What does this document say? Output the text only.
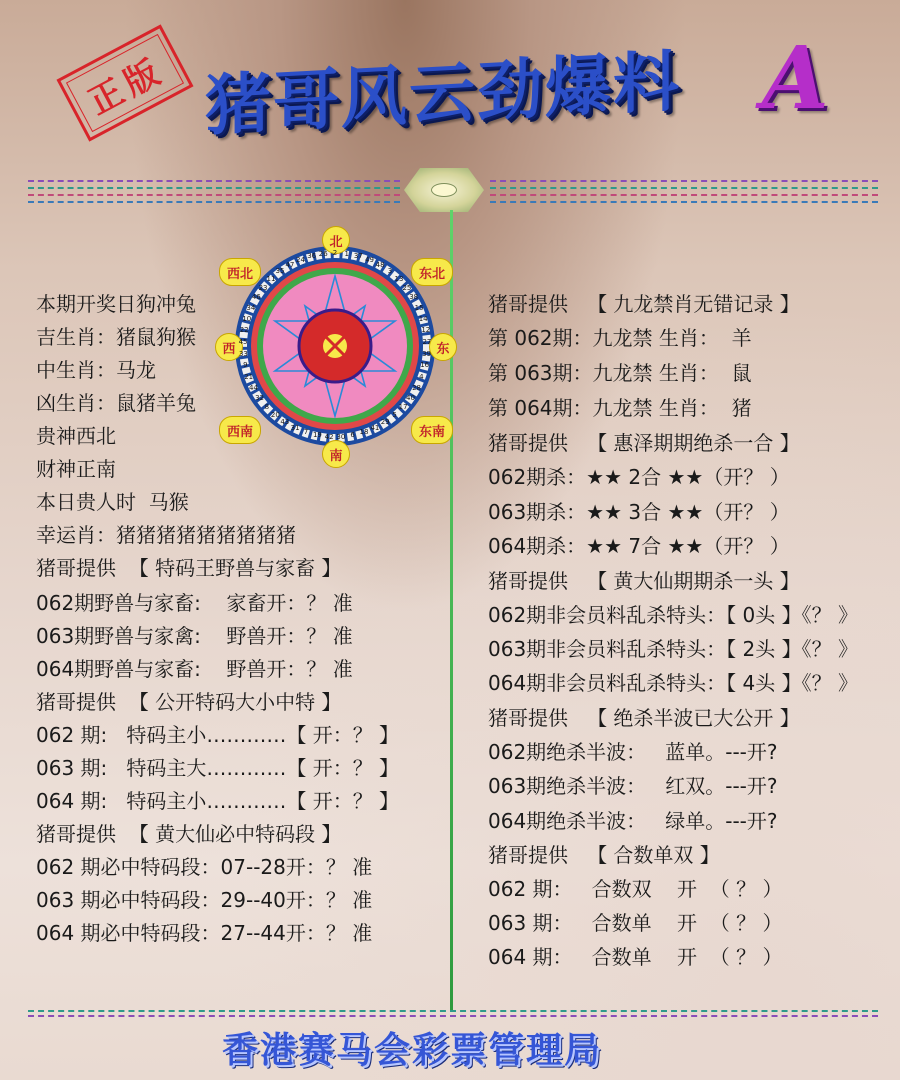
正版 猪哥风云劲爆料 A
北
西北	东北
西	东
西南	东南
南
2	1 37 49
48
3
13
25
38
15
14
12
27
39
16
4
28
40
17
5
29
41
18
6
30
42
19
7
31
43
20
8
32
44
21
9
33
45
22
10
34
46
23
11
35
47
24 36 26
本期开奖日狗冲兔
吉生肖：猪鼠狗猴
中生肖：马龙
凶生肖：鼠猪羊兔
贵神西北
财神正南
本日贵人时  马猴
幸运肖：猪猪猪猪猪猪猪猪猪
猪哥提供  【 特码王野兽与家畜 】
062期野兽与家畜:    家畜开：？ 准
063期野兽与家禽:    野兽开：？ 准
064期野兽与家畜:    野兽开：？ 准
猪哥提供  【 公开特码大小中特 】
062 期:   特码主小…………【 开：？ 】
063 期:   特码主大…………【 开：？ 】
064 期:   特码主小…………【 开：？ 】
猪哥提供  【 黄大仙必中特码段 】
062 期必中特码段：07--28开：？ 准
063 期必中特码段：29--40开：？ 准
064 期必中特码段：27--44开：？ 准
猪哥提供   【 九龙禁肖无错记录 】
第 062期：九龙禁 生肖：  羊
第 063期：九龙禁 生肖：  鼠
第 064期：九龙禁 生肖：  猪
猪哥提供   【 惠泽期期绝杀一合 】
062期杀：★★ 2合 ★★（开？ ）
063期杀：★★ 3合 ★★（开？ ）
064期杀：★★ 7合 ★★（开？ ）
猪哥提供   【 黄大仙期期杀一头 】
062期非会员料乱杀特头：【 0头 】《？ 》
063期非会员料乱杀特头：【 2头 】《？ 》
064期非会员料乱杀特头：【 4头 】《？ 》
猪哥提供   【 绝杀半波已大公开 】
062期绝杀半波：   蓝单。---开?
063期绝杀半波：   红双。---开?
064期绝杀半波：   绿单。---开?
猪哥提供   【 合数单双 】
062 期：   合数双    开  （ ？ ）
063 期：   合数单    开  （ ？ ）
064 期：   合数单    开  （ ？ ）
香港赛马会彩票管理局
